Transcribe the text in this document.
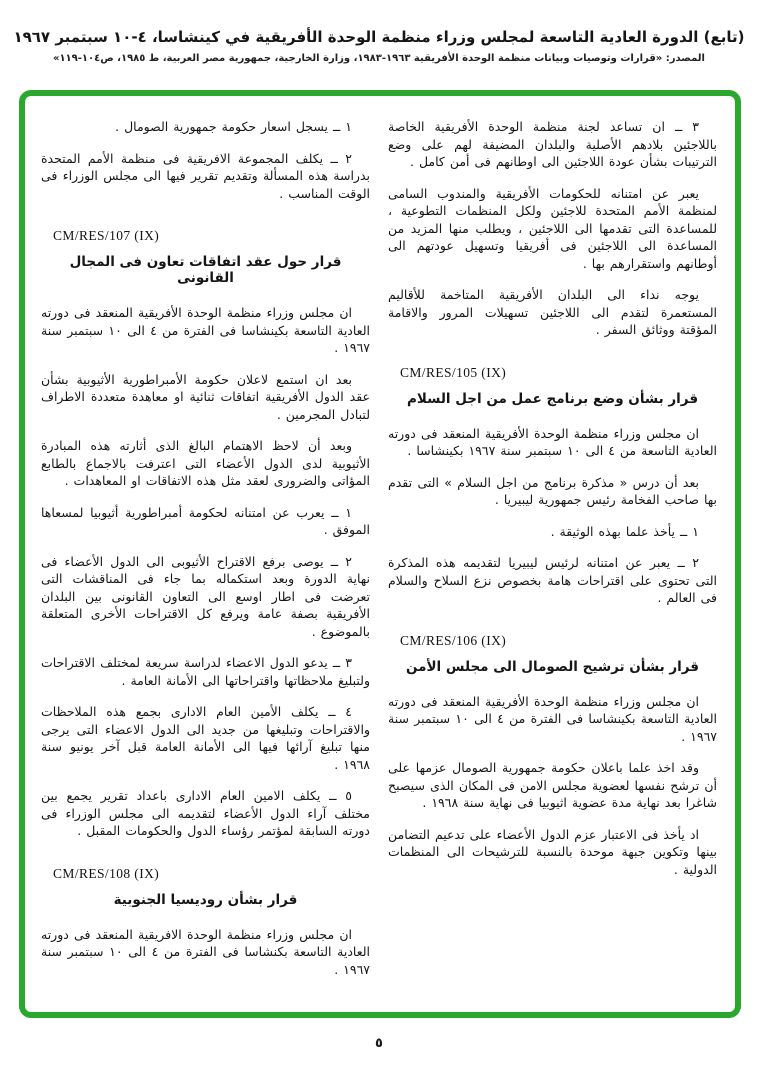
(تابع) الدورة العادية التاسعة لمجلس وزراء منظمة الوحدة الأفريقية في كينشاسا، ٤-١٠ سبتمبر ١٩٦٧
المصدر: «قرارات وتوصيات وبيانات منظمة الوحدة الأفريقية ١٩٦٣-١٩٨٣، وزارة الخارجية، جمهورية مصر العربية، ط ١٩٨٥، ص١٠٤-١١٩»

٣ ــ ان تساعد لجنة منظمة الوحدة الأفريقية الخاصة باللاجئين بلادهم الأصلية والبلدان المضيفة لهم على وضع الترتيبات بشأن عودة اللاجئين الى اوطانهم فى أمن كامل .

يعبر عن امتنانه للحكومات الأفريقية والمندوب السامى لمنظمة الأمم المتحدة للاجئين ولكل المنظمات التطوعية ، للمساعدة التى تقدمها الى اللاجئين ، ويطلب منها المزيد من المساعدة الى اللاجئين فى أفريقيا وتسهيل عودتهم الى أوطانهم واستقرارهم بها .

يوجه نداء الى البلدان الأفريقية المتاخمة للأقاليم المستعمرة لتقدم الى اللاجئين تسهيلات المرور والاقامة المؤقتة ووثائق السفر .

CM/RES/105 (IX)
قرار بشأن وضع برنامج عمل من اجل السلام

ان مجلس وزراء منظمة الوحدة الأفريقية المنعقد فى دورته العادية التاسعة من ٤ الى ١٠ سبتمبر سنة ١٩٦٧ بكينشاسا .

بعد أن درس « مذكرة برنامج من اجل السلام » التى تقدم بها صاحب الفخامة رئيس جمهورية ليبيريا .

١ ــ يأخذ علما بهذه الوثيقة .

٢ ــ يعبر عن امتنانه لرئيس ليبيريا لتقديمه هذه المذكرة التى تحتوى على اقتراحات هامة بخصوص نزع السلاح والسلام فى العالم .

CM/RES/106 (IX)
قرار بشأن ترشيح الصومال الى مجلس الأمن

ان مجلس وزراء منظمة الوحدة الأفريقية المنعقد فى دورته العادية التاسعة بكينشاسا فى الفترة من ٤ الى ١٠ سبتمبر سنة ١٩٦٧ .

وقد اخذ علما باعلان حكومة جمهورية الصومال عزمها على أن ترشح نفسها لعضوية مجلس الامن فى المكان الذى سيصبح شاغرا بعد نهاية مدة عضوية اثيوبيا فى نهاية سنة ١٩٦٨ .

اد يأخذ فى الاعتبار عزم الدول الأعضاء على تدعيم التضامن بينها وتكوين جبهة موحدة بالنسبة للترشيحات الى المنظمات الدولية .

١ ــ يسجل اسعار حكومة جمهورية الصومال .

٢ ــ يكلف المجموعة الافريقية فى منظمة الأمم المتحدة بدراسة هذه المسألة وتقديم تقرير فيها الى مجلس الوزراء فى الوقت المناسب .

CM/RES/107 (IX)
قرار حول عقد اتفاقات تعاون فى المجال القانونى

ان مجلس وزراء منظمة الوحدة الأفريقية المنعقد فى دورته العادية التاسعة بكينشاسا فى الفترة من ٤ الى ١٠ سبتمبر سنة ١٩٦٧ .

بعد ان استمع لاعلان حكومة الأمبراطورية الأثيوبية بشأن عقد الدول الأفريقية اتفاقات ثنائية او معاهدة متعددة الاطراف لتبادل المجرمين .

وبعد أن لاحظ الاهتمام البالغ الذى أثارته هذه المبادرة الأثيوبية لدى الدول الأعضاء التى اعترفت بالاجماع بالطابع المؤاتى والضرورى لعقد مثل هذه الاتفاقات او المعاهدات .

١ ــ يعرب عن امتنانه لحكومة أمبراطورية أثيوبيا لمسعاها الموفق .

٢ ــ يوصى برفع الاقتراح الأثيوبى الى الدول الأعضاء فى نهاية الدورة وبعد استكماله بما جاء فى المناقشات التى تعرضت فى اطار اوسع الى التعاون القانونى بين البلدان الأفريقية بصفة عامة ويرفع كل الاقتراحات الأخرى المتعلقة بالموضوع .

٣ ــ يدعو الدول الاعضاء لدراسة سريعة لمختلف الاقتراحات ولتبليغ ملاحظاتها واقتراحاتها الى الأمانة العامة .

٤ ــ يكلف الأمين العام الادارى بجمع هذه الملاحظات والاقتراحات وتبليغها من جديد الى الدول الاعضاء التى يرجى منها تبليغ آرائها فيها الى الأمانة العامة قبل آخر يونيو سنة ١٩٦٨ .

٥ ــ يكلف الامين العام الادارى باعداد تقرير يجمع بين مختلف آراء الدول الأعضاء لتقديمه الى مجلس الوزراء فى دورته السابقة لمؤتمر رؤساء الدول والحكومات المقبل .

CM/RES/108 (IX)
قرار بشأن روديسيا الجنوبية

ان مجلس وزراء منظمة الوحدة الافريقية المنعقد فى دورته العادية التاسعة بكنشاسا فى الفترة من ٤ الى ١٠ سبتمبر سنة ١٩٦٧ .

٥
